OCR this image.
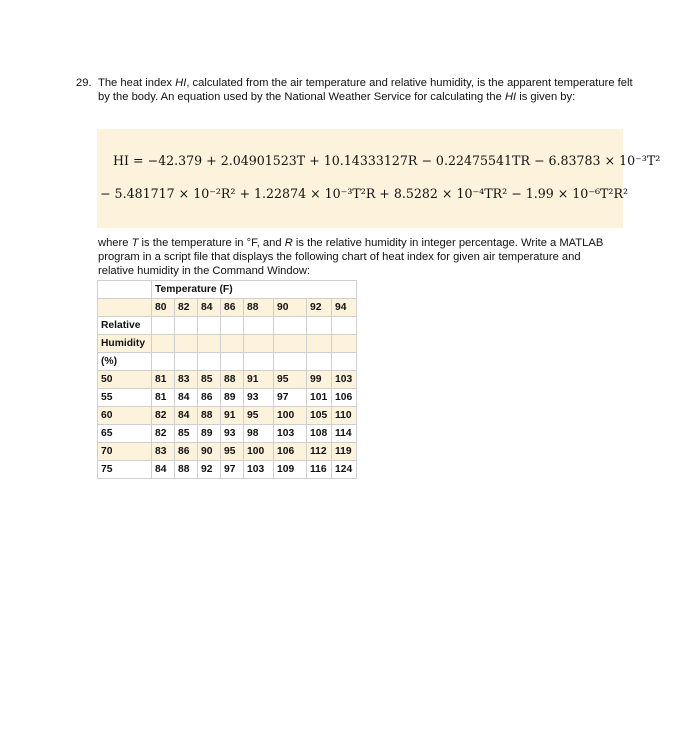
29. The heat index HI, calculated from the air temperature and relative humidity, is the apparent temperature felt by the body. An equation used by the National Weather Service for calculating the HI is given by:
HI = −42.379 + 2.04901523T + 10.14333127R − 0.22475541TR − 6.83783 × 10⁻³T²
− 5.481717 × 10⁻²R² + 1.22874 × 10⁻³T²R + 8.5282 × 10⁻⁴TR² − 1.99 × 10⁻⁶T²R²
where T is the temperature in °F, and R is the relative humidity in integer percentage. Write a MATLAB program in a script file that displays the following chart of heat index for given air temperature and relative humidity in the Command Window:
	Temperature (F)							
	80	82	84	86	88	90	92	94
Relative								
Humidity								
(%)								
50	81	83	85	88	91	95	99	103
55	81	84	86	89	93	97	101	106
60	82	84	88	91	95	100	105	110
65	82	85	89	93	98	103	108	114
70	83	86	90	95	100	106	112	119
75	84	88	92	97	103	109	116	124
